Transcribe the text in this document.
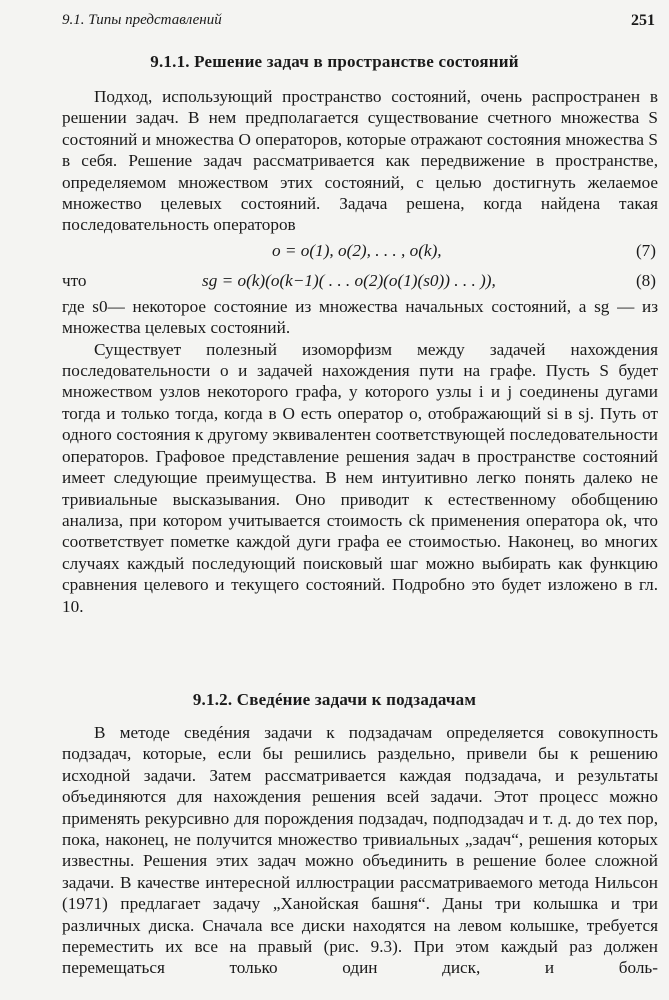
9.1. Типы представлений	251
9.1.1. Решение задач в пространстве состояний

Подход, использующий пространство состояний, очень распространен в решении задач. В нем предполагается существование счетного множества S состояний и множества O операторов, которые отражают состояния множества S в себя. Решение задач рассматривается как передвижение в пространстве, определяемом множеством этих состояний, с целью достигнуть желаемое множество целевых состояний. Задача решена, когда найдена такая последовательность операторов

o = o(1), o(2), . . . , o(k),	(7)
что	sg = o(k)(o(k−1)( . . . o(2)(o(1)(s0)) . . . )),	(8)

где s0— некоторое состояние из множества начальных состояний, а sg — из множества целевых состояний.

Существует полезный изоморфизм между задачей нахождения последовательности o и задачей нахождения пути на графе. Пусть S будет множеством узлов некоторого графа, у которого узлы i и j соединены дугами тогда и только тогда, когда в O есть оператор o, отображающий si в sj. Путь от одного состояния к другому эквивалентен соответствующей последовательности операторов. Графовое представление решения задач в пространстве состояний имеет следующие преимущества. В нем интуитивно легко понять далеко не тривиальные высказывания. Оно приводит к естественному обобщению анализа, при котором учитывается стоимость ck применения оператора ok, что соответствует пометке каждой дуги графа ее стоимостью. Наконец, во многих случаях каждый последующий поисковый шаг можно выбирать как функцию сравнения целевого и текущего состояний. Подробно это будет изложено в гл. 10.

9.1.2. Сведéние задачи к подзадачам

В методе свeдéния задачи к подзадачам определяется совокупность подзадач, которые, если бы решились раздельно, привели бы к решению исходной задачи. Затем рассматривается каждая подзадача, и результаты объединяются для нахождения решения всей задачи. Этот процесс можно применять рекурсивно для порождения подзадач, подподзадач и т. д. до тех пор, пока, наконец, не получится множество тривиальных „задач“, решения которых известны. Решения этих задач можно объединить в решение более сложной задачи. В качестве интересной иллюстрации рассматриваемого метода Нильсон (1971) предлагает задачу „Ханойская башня“. Даны три колышка и три различных диска. Сначала все диски находятся на левом колышке, требуется переместить их все на правый (рис. 9.3). При этом каждый раз должен перемещаться только один диск, и боль-
